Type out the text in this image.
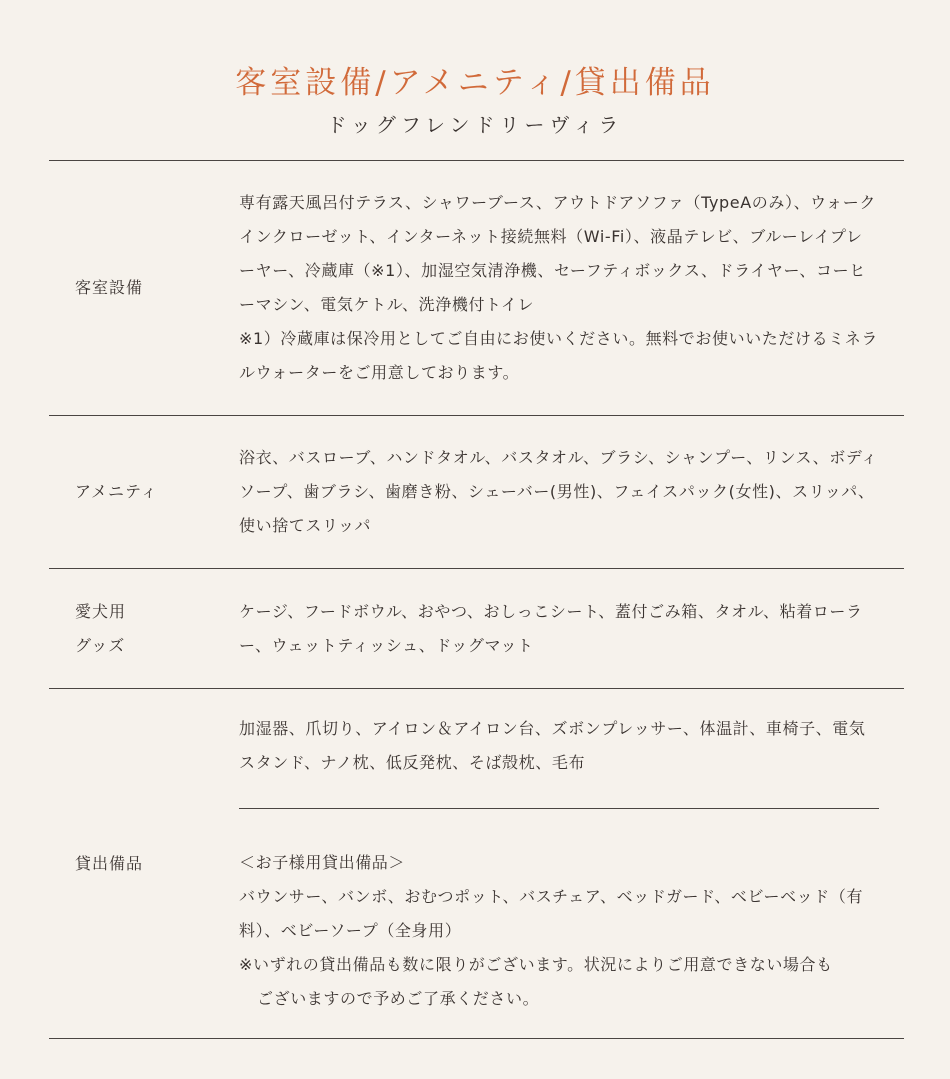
客室設備/アメニティ/貸出備品
ドッグフレンドリーヴィラ
客室設備

専有露天風呂付テラス、シャワーブース、アウトドアソファ（TypeAのみ）、ウォークインクローゼット、インターネット接続無料（Wi-Fi）、液晶テレビ、ブルーレイプレーヤー、冷蔵庫（※1）、加湿空気清浄機、セーフティボックス、ドライヤー、コーヒーマシン、電気ケトル、洗浄機付トイレ

※1）冷蔵庫は保冷用としてご自由にお使いください。無料でお使いいただけるミネラルウォーターをご用意しております。

アメニティ

浴衣、バスローブ、ハンドタオル、バスタオル、ブラシ、シャンプー、リンス、ボディソープ、歯ブラシ、歯磨き粉、シェーバー(男性)、フェイスパック(女性)、スリッパ、使い捨てスリッパ

愛犬用
グッズ

ケージ、フードボウル、おやつ、おしっこシート、蓋付ごみ箱、タオル、粘着ローラー、ウェットティッシュ、ドッグマット

貸出備品

加湿器、爪切り、アイロン＆アイロン台、ズボンプレッサー、体温計、車椅子、電気スタンド、ナノ枕、低反発枕、そば殻枕、毛布

＜お子様用貸出備品＞

バウンサー、バンボ、おむつポット、バスチェア、ベッドガード、ベビーベッド（有料）、ベビーソープ（全身用）

※いずれの貸出備品も数に限りがございます。状況によりご用意できない場合も

ございますので予めご了承ください。
